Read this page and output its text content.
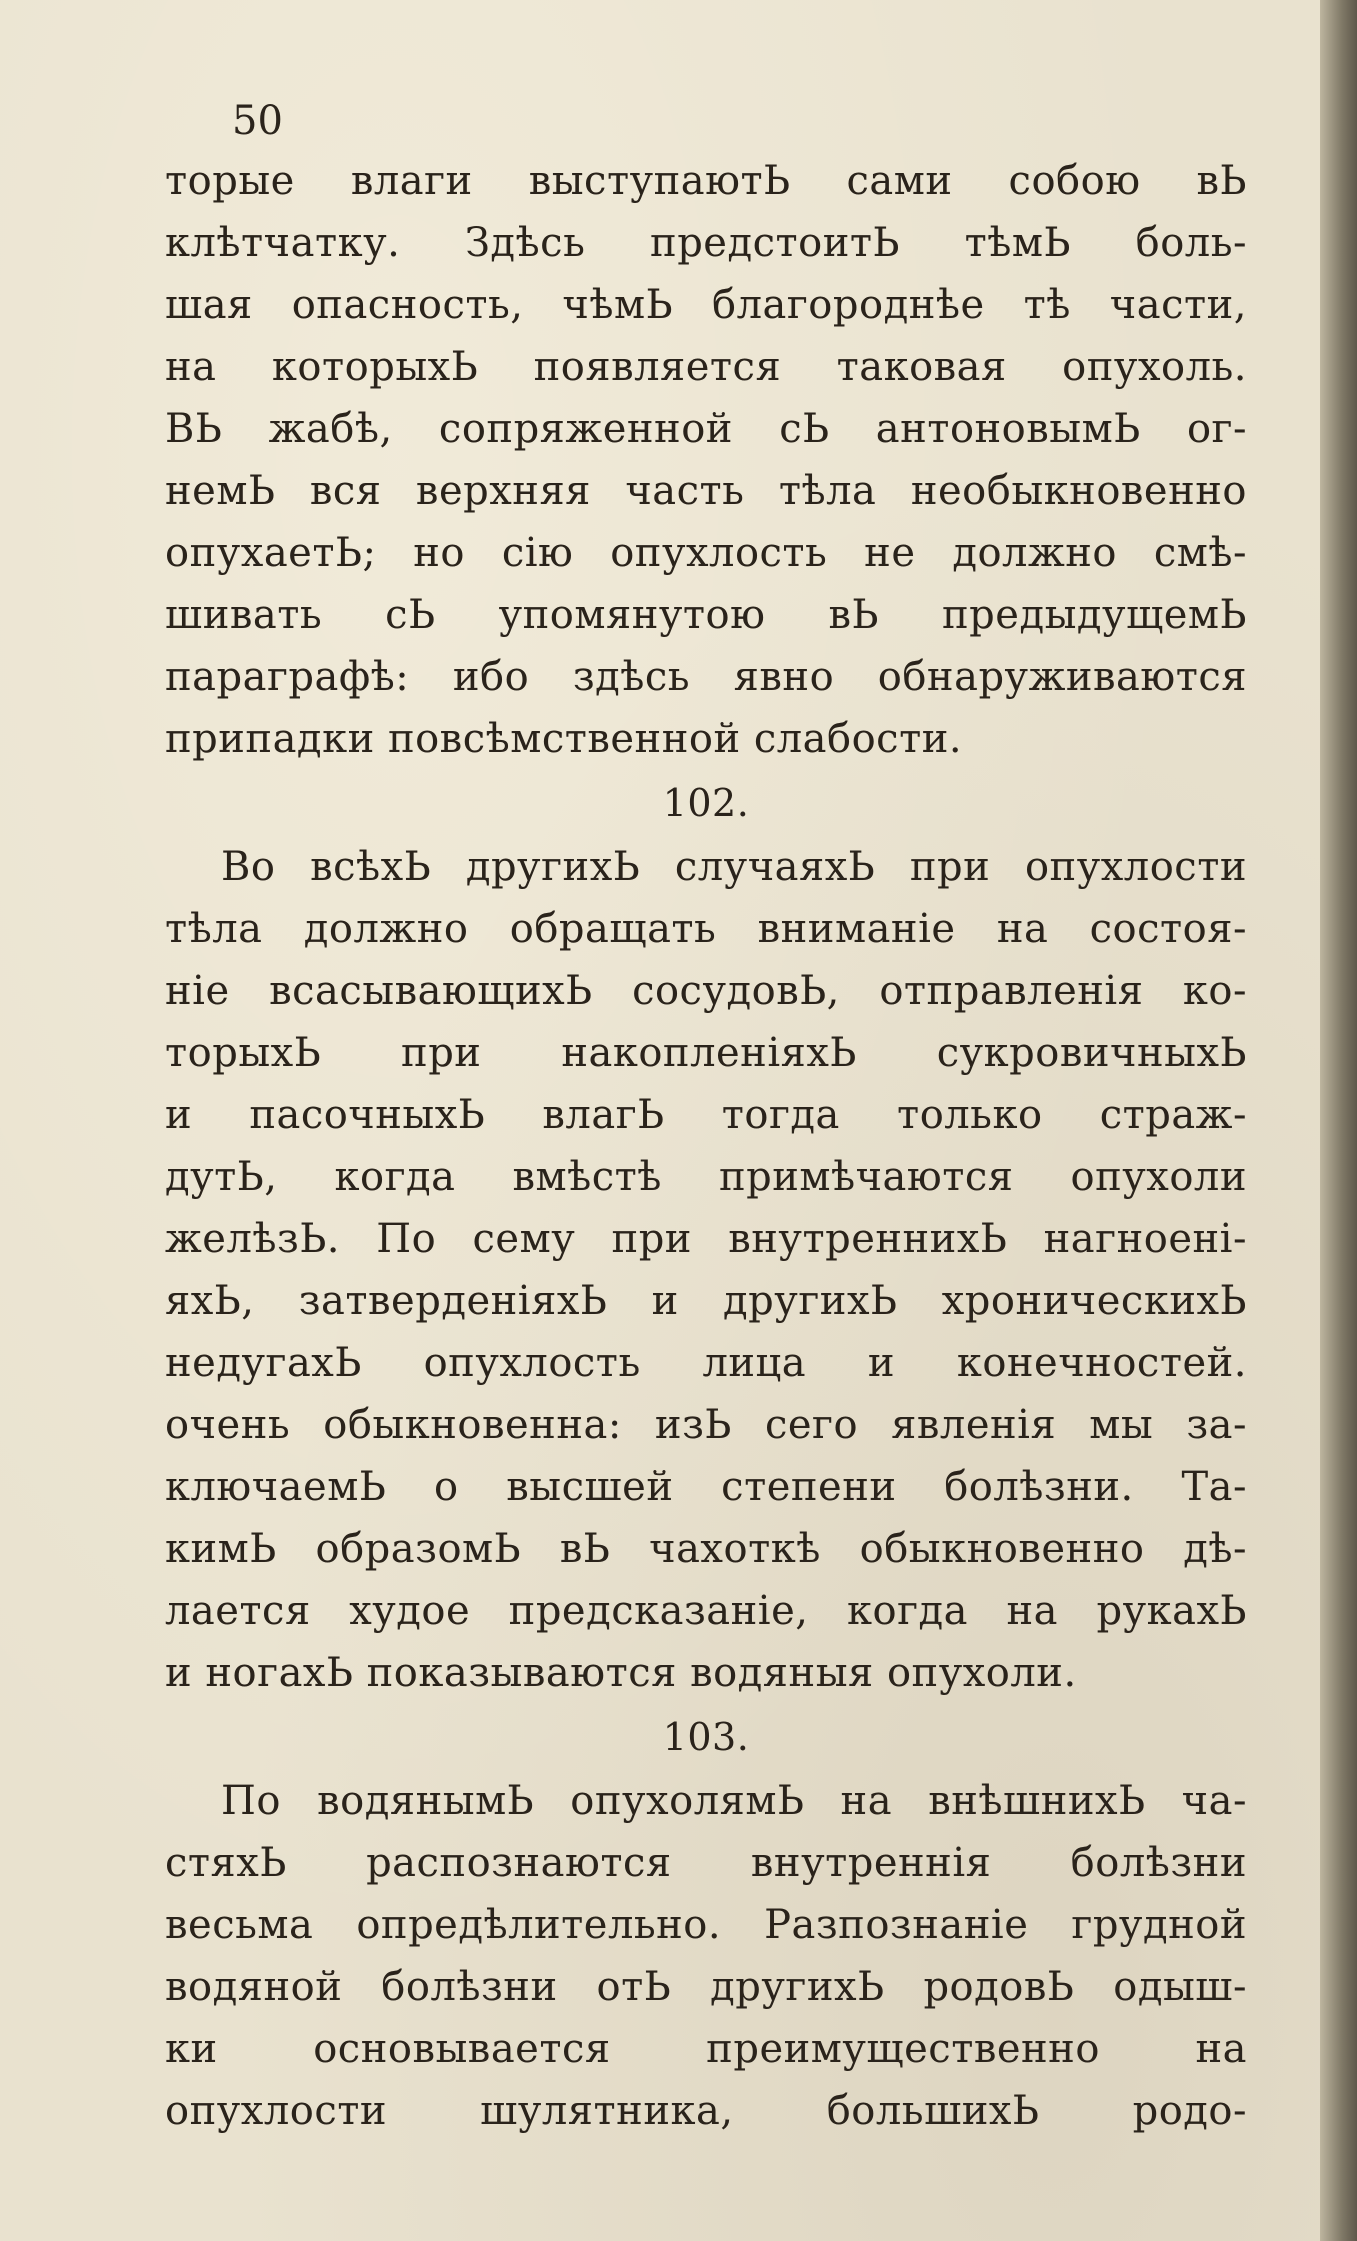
50
торые влаги выступаютЬ сами собою вЬ
клѣтчатку. Здѣсь предстоитЬ тѣмЬ боль-
шая опасность, чѣмЬ благороднѣе тѣ части,
на которыхЬ появляется таковая опухоль.
ВЬ жабѣ, сопряженной сЬ антоновымЬ ог-
немЬ вся верхняя часть тѣла необыкновенно
опухаетЬ; но сію опухлость не должно смѣ-
шивать сЬ упомянутою вЬ предыдущемЬ
параграфѣ: ибо здѣсь явно обнаруживаются
припадки повсѣмственной слабости.
102.
Во всѣхЬ другихЬ случаяхЬ при опухлости
тѣла должно обращать вниманіе на состоя-
ніе всасывающихЬ сосудовЬ, отправленія ко-
торыхЬ при накопленіяхЬ сукровичныхЬ
и пасочныхЬ влагЬ тогда только страж-
дутЬ, когда вмѣстѣ примѣчаются опухоли
желѣзЬ. По сему при внутреннихЬ нагноені-
яхЬ, затверденіяхЬ и другихЬ хроническихЬ
недугахЬ опухлость лица и конечностей.
очень обыкновенна: изЬ сего явленія мы за-
ключаемЬ о высшей степени болѣзни. Та-
кимЬ образомЬ вЬ чахоткѣ обыкновенно дѣ-
лается худое предсказаніе, когда на рукахЬ
и ногахЬ показываются водяныя опухоли.
103.
По водянымЬ опухолямЬ на внѣшнихЬ ча-
стяхЬ распознаются внутреннія болѣзни
весьма опредѣлительно. Разпознаніе грудной
водяной болѣзни отЬ другихЬ родовЬ одыш-
ки основывается преимущественно на
опухлости шулятника, большихЬ родо-
